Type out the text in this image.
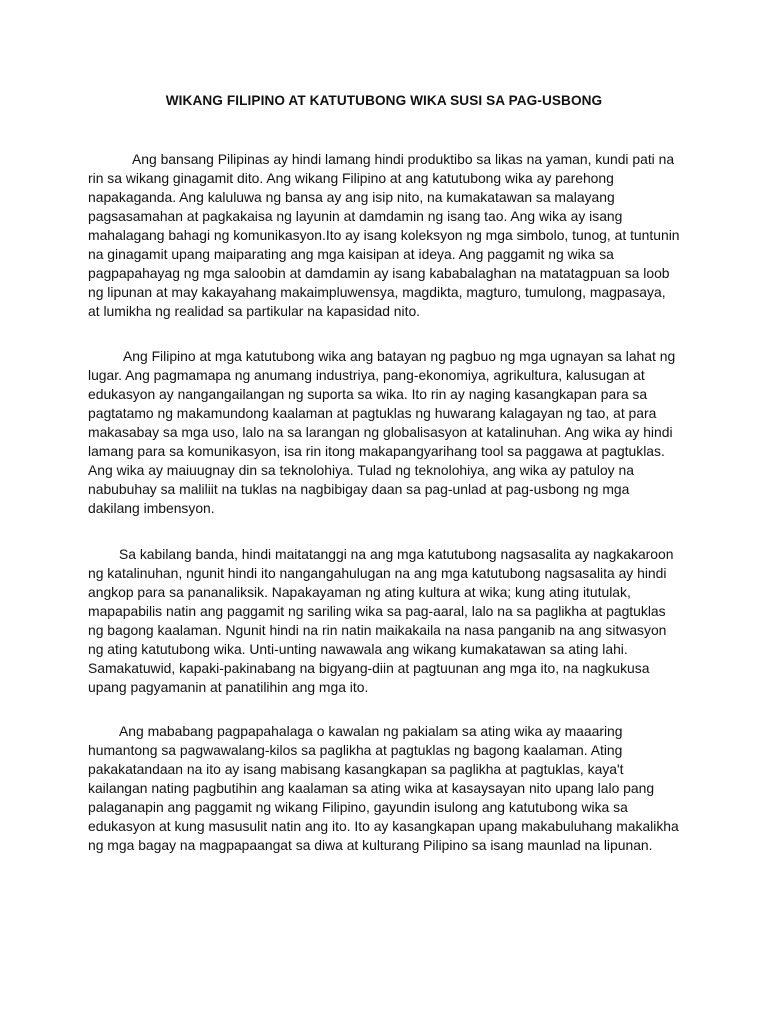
WIKANG FILIPINO AT KATUTUBONG WIKA SUSI SA PAG-USBONG

Ang bansang Pilipinas ay hindi lamang hindi produktibo sa likas na yaman, kundi pati na rin sa wikang ginagamit dito. Ang wikang Filipino at ang katutubong wika ay parehong napakaganda. Ang kaluluwa ng bansa ay ang isip nito, na kumakatawan sa malayang pagsasamahan at pagkakaisa ng layunin at damdamin ng isang tao. Ang wika ay isang mahalagang bahagi ng komunikasyon.Ito ay isang koleksyon ng mga simbolo, tunog, at tuntunin na ginagamit upang maiparating ang mga kaisipan at ideya. Ang paggamit ng wika sa pagpapahayag ng mga saloobin at damdamin ay isang kababalaghan na matatagpuan sa loob ng lipunan at may kakayahang makaimpluwensya, magdikta, magturo, tumulong, magpasaya, at lumikha ng realidad sa partikular na kapasidad nito.

Ang Filipino at mga katutubong wika ang batayan ng pagbuo ng mga ugnayan sa lahat ng lugar. Ang pagmamapa ng anumang industriya, pang-ekonomiya, agrikultura, kalusugan at edukasyon ay nangangailangan ng suporta sa wika. Ito rin ay naging kasangkapan para sa pagtatamo ng makamundong kaalaman at pagtuklas ng huwarang kalagayan ng tao, at para makasabay sa mga uso, lalo na sa larangan ng globalisasyon at katalinuhan. Ang wika ay hindi lamang para sa komunikasyon, isa rin itong makapangyarihang tool sa paggawa at pagtuklas. Ang wika ay maiuugnay din sa teknolohiya. Tulad ng teknolohiya, ang wika ay patuloy na nabubuhay sa maliliit na tuklas na nagbibigay daan sa pag-unlad at pag-usbong ng mga dakilang imbensyon.

Sa kabilang banda, hindi maitatanggi na ang mga katutubong nagsasalita ay nagkakaroon ng katalinuhan, ngunit hindi ito nangangahulugan na ang mga katutubong nagsasalita ay hindi angkop para sa pananaliksik. Napakayaman ng ating kultura at wika; kung ating itutulak, mapapabilis natin ang paggamit ng sariling wika sa pag-aaral, lalo na sa paglikha at pagtuklas ng bagong kaalaman. Ngunit hindi na rin natin maikakaila na nasa panganib na ang sitwasyon ng ating katutubong wika. Unti-unting nawawala ang wikang kumakatawan sa ating lahi. Samakatuwid, kapaki-pakinabang na bigyang-diin at pagtuunan ang mga ito, na nagkukusa upang pagyamanin at panatilihin ang mga ito.

Ang mababang pagpapahalaga o kawalan ng pakialam sa ating wika ay maaaring humantong sa pagwawalang-kilos sa paglikha at pagtuklas ng bagong kaalaman. Ating pakakatandaan na ito ay isang mabisang kasangkapan sa paglikha at pagtuklas, kaya't kailangan nating pagbutihin ang kaalaman sa ating wika at kasaysayan nito upang lalo pang palaganapin ang paggamit ng wikang Filipino, gayundin isulong ang katutubong wika sa edukasyon at kung masusulit natin ang ito. Ito ay kasangkapan upang makabuluhang makalikha ng mga bagay na magpapaangat sa diwa at kulturang Pilipino sa isang maunlad na lipunan.
